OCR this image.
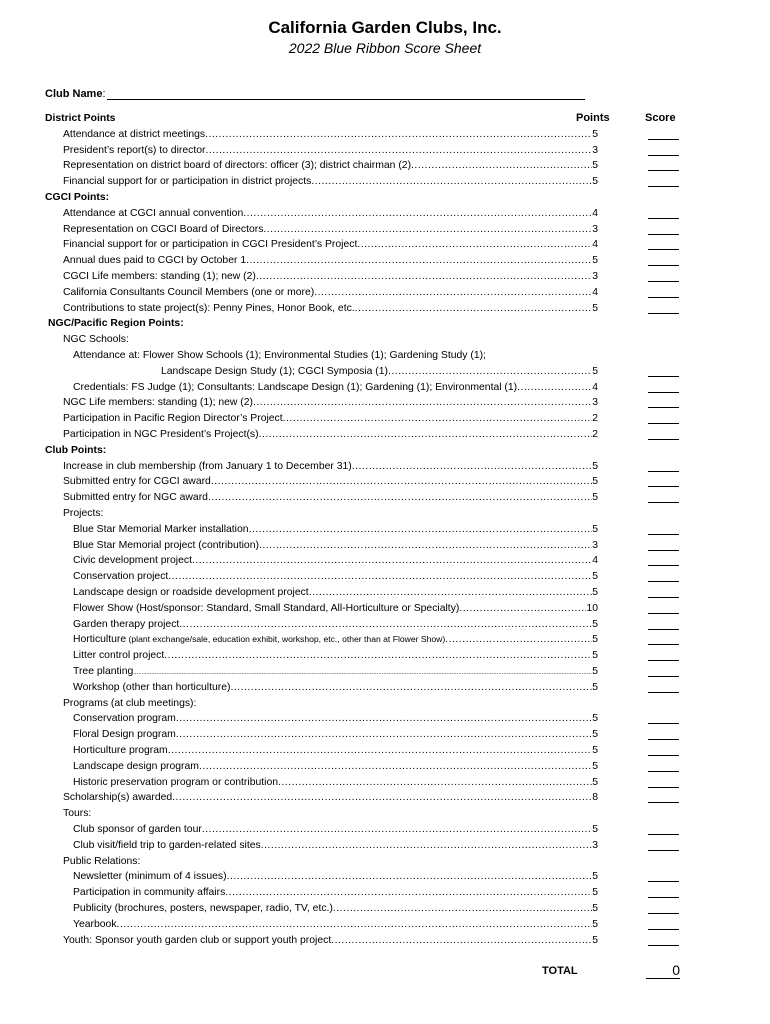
California Garden Clubs, Inc.
2022 Blue Ribbon Score Sheet
Club Name :
Points	Score
District Points
Attendance at district meetings .....	5
President’s report(s) to director .....	3
Representation on district board of directors: officer (3); district chairman (2) .....	5
Financial support for or participation in district projects .....	5
CGCI Points:
Attendance at CGCI annual convention .....	4
Representation on CGCI Board of Directors .....	3
Financial support for or participation in CGCI President’s Project .....	4
Annual dues paid to CGCI by October 1 .....	5
CGCI Life members: standing (1); new (2) .....	3
California Consultants Council Members (one or more) .....	4
Contributions to state project(s): Penny Pines, Honor Book, etc. .....	5
NGC/Pacific Region Points:
NGC Schools:
Attendance at: Flower Show Schools (1); Environmental Studies (1); Gardening Study (1);
Landscape Design Study (1); CGCI Symposia (1) .....	5
Credentials: FS Judge (1); Consultants: Landscape Design (1); Gardening (1); Environmental (1) .....	4
NGC Life members: standing (1); new (2) .....	3
Participation in Pacific Region Director’s Project .....	2
Participation in NGC President’s Project(s) .....	2
Club Points:
Increase in club membership (from January 1 to December 31) .....	5
Submitted entry for CGCI award .....	5
Submitted entry for NGC award .....	5
Projects:
Blue Star Memorial Marker installation .....	5
Blue Star Memorial project (contribution) .....	3
Civic development project .....	4
Conservation project .....	5
Landscape design or roadside development project .....	5
Flower Show (Host/sponsor: Standard, Small Standard, All-Horticulture or Specialty) .....	10
Garden therapy project .....	5
Horticulture (plant exchange/sale, education exhibit, workshop, etc., other than at Flower Show) .....	5
Litter control project .....	5
Tree planting .....	5
Workshop (other than horticulture) .....	5
Programs (at club meetings):
Conservation program .....	5
Floral Design program .....	5
Horticulture program .....	5
Landscape design program .....	5
Historic preservation program or contribution .....	5
Scholarship(s) awarded .....	8
Tours:
Club sponsor of garden tour .....	5
Club visit/field trip to garden-related sites .....	3
Public Relations:
Newsletter (minimum of 4 issues) .....	5
Participation in community affairs .....	5
Publicity (brochures, posters, newspaper, radio, TV, etc.) .....	5
Yearbook .....	5
Youth: Sponsor youth garden club or support youth project .....	5
TOTAL	0
